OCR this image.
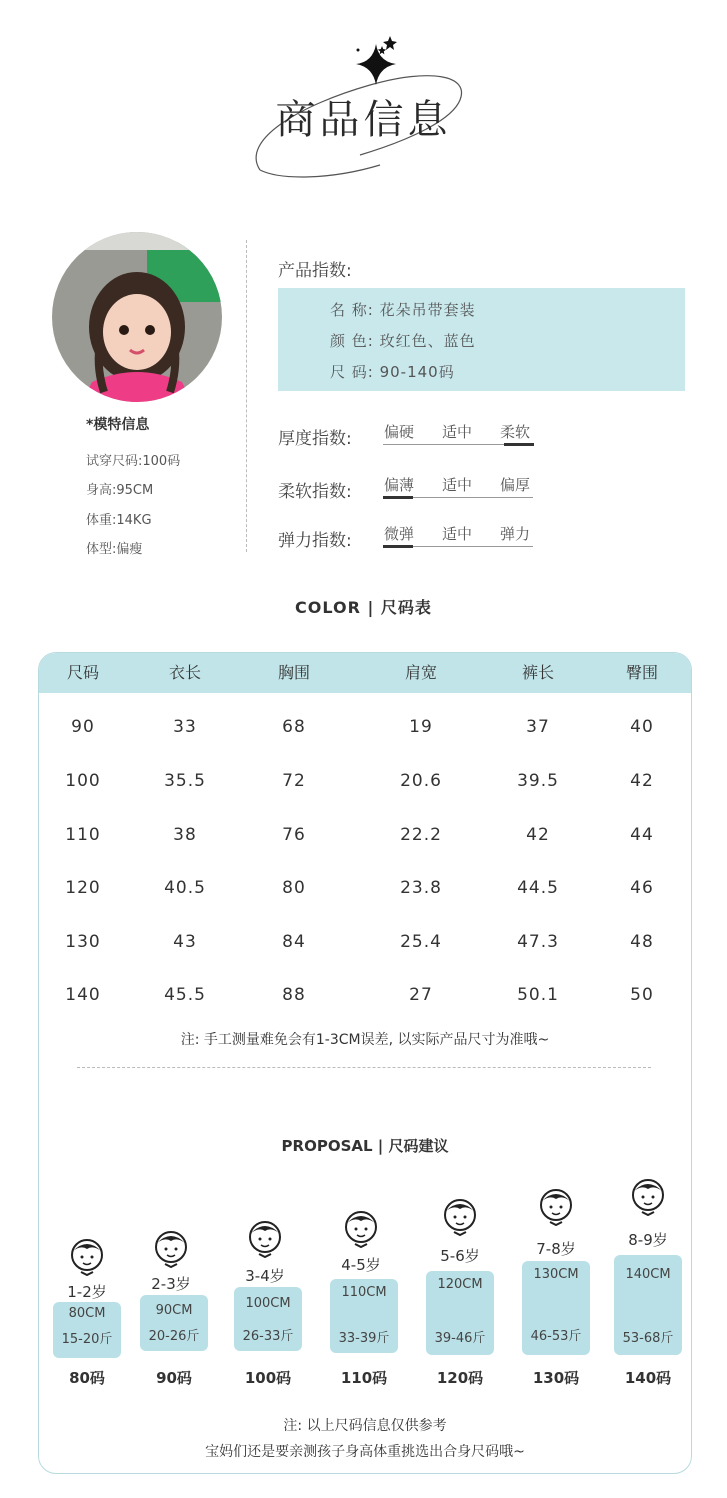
商品信息
*模特信息
试穿尺码:100码
身高:95CM
体重:14KG
体型:偏瘦
产品指数:
名 称: 花朵吊带套装
颜 色: 玫红色、蓝色
尺 码: 90-140码
厚度指数: 偏硬 适中 柔软
柔软指数: 偏薄 适中 偏厚
弹力指数: 微弹 适中 弹力
COLOR | 尺码表
尺码	衣长	胸围	肩宽	裤长	臀围
90	33	68	19	37	40
100	35.5	72	20.6	39.5	42
110	38	76	22.2	42	44
120	40.5	80	23.8	44.5	46
130	43	84	25.4	47.3	48
140	45.5	88	27	50.1	50
注: 手工测量难免会有1-3CM误差, 以实际产品尺寸为准哦~
PROPOSAL | 尺码建议
1-2岁
80CM
15-20斤
80码
2-3岁
90CM
20-26斤
90码
3-4岁
100CM
26-33斤
100码
4-5岁
110CM
33-39斤
110码
5-6岁
120CM
39-46斤
120码
7-8岁
130CM
46-53斤
130码
8-9岁
140CM
53-68斤
140码
注: 以上尺码信息仅供参考
宝妈们还是要亲测孩子身高体重挑选出合身尺码哦~
